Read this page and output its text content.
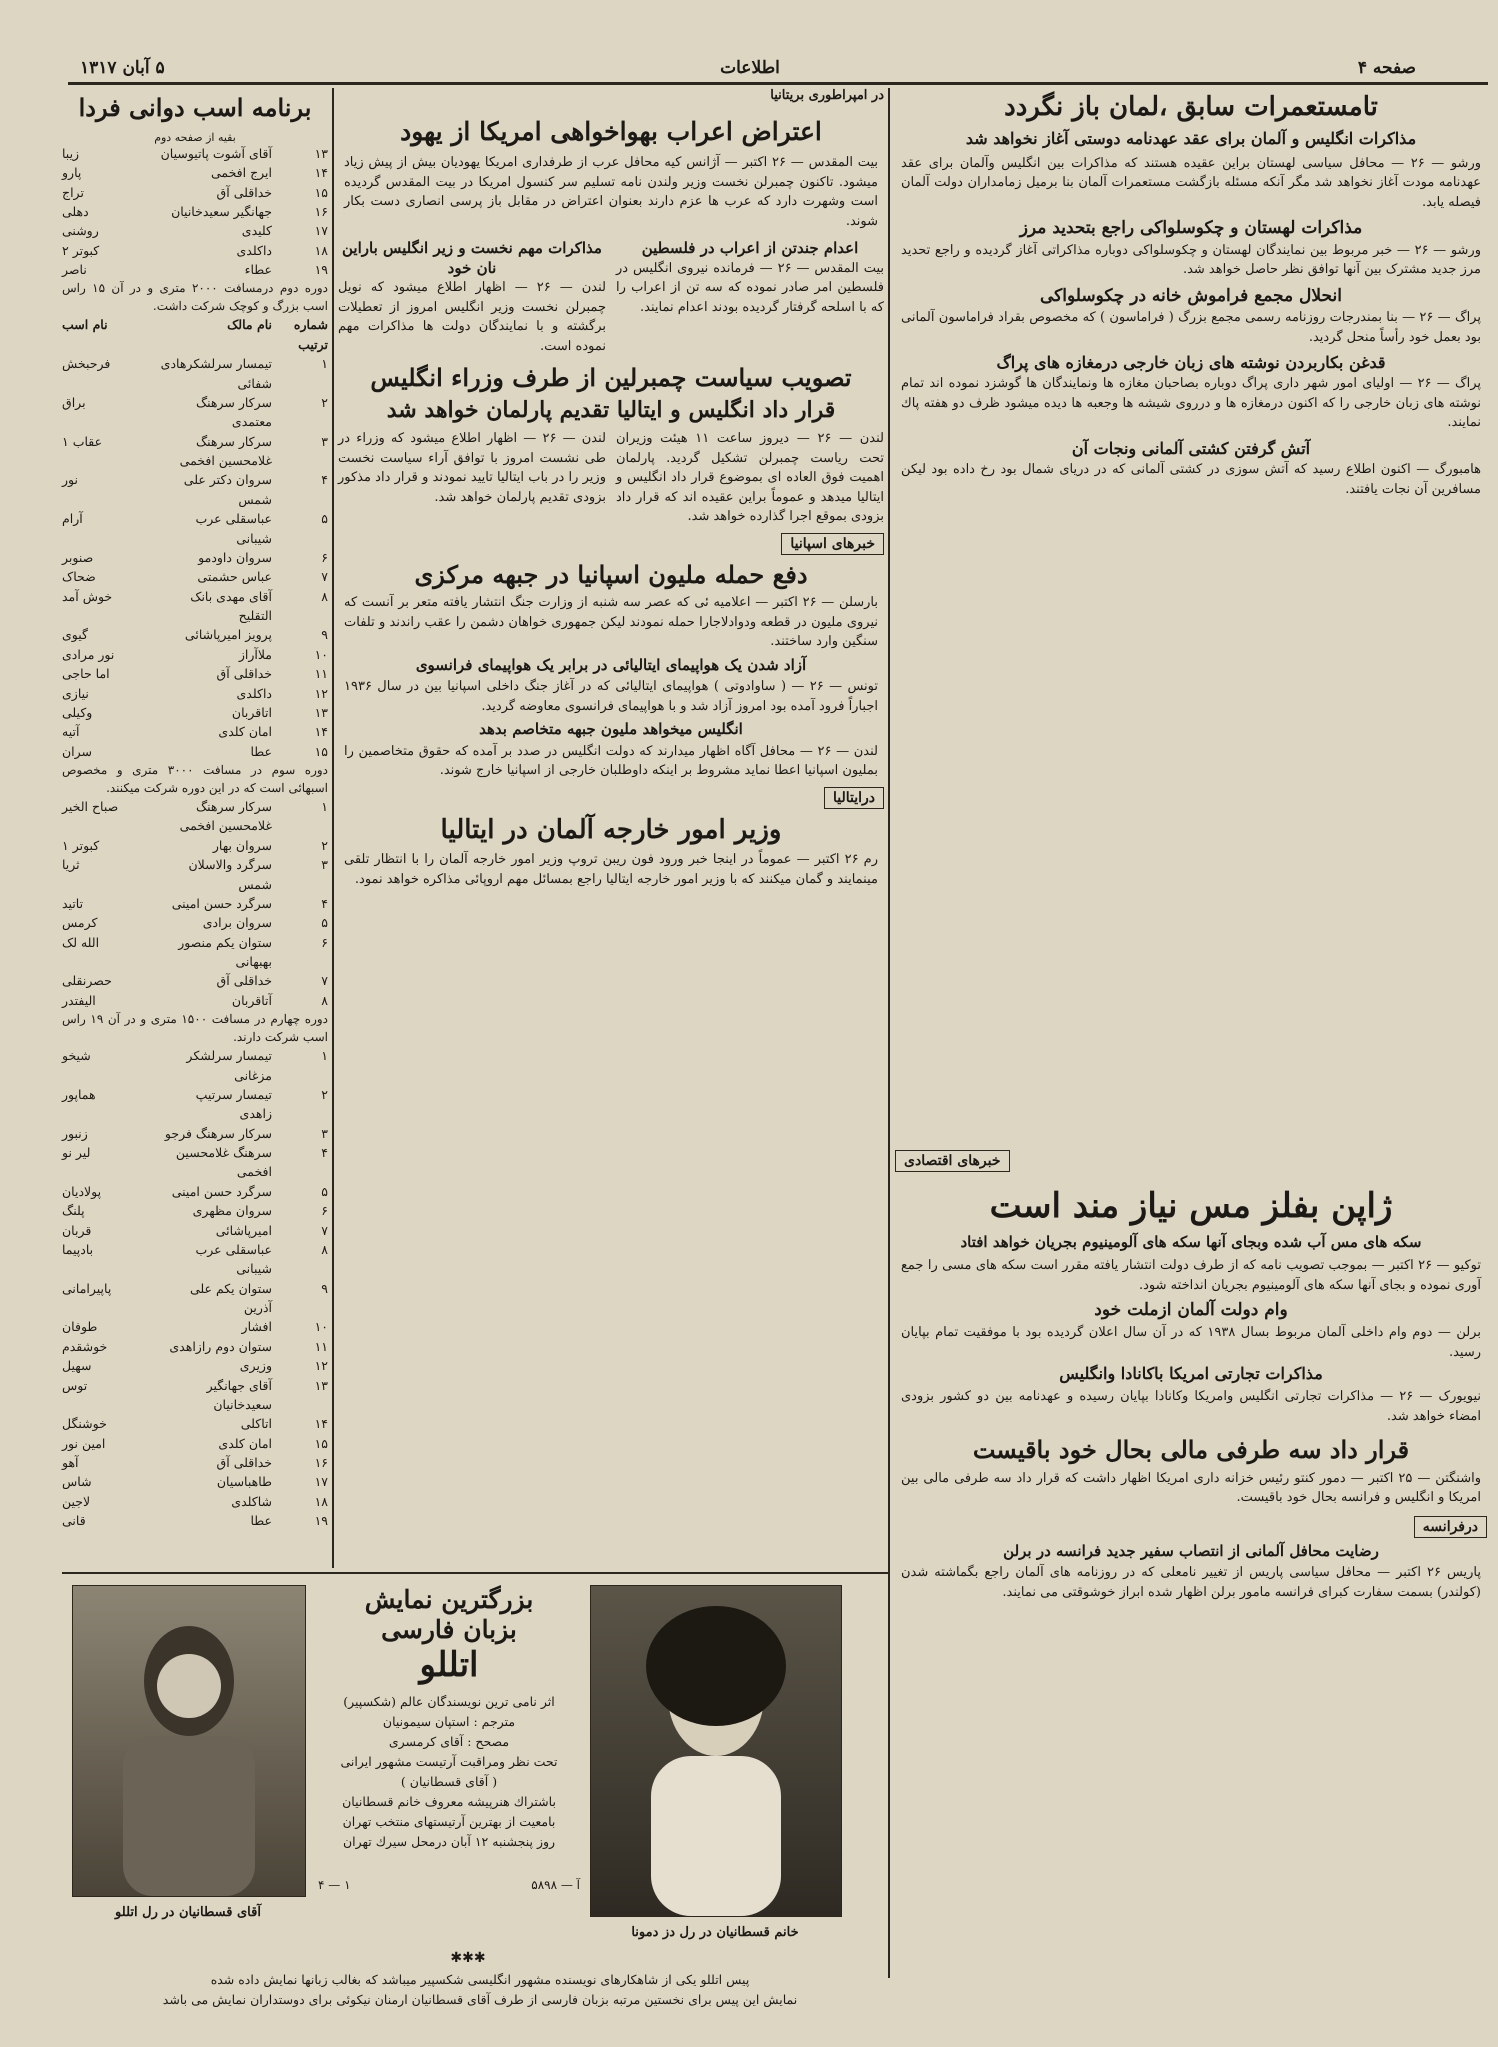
صفحه ۴
اطلاعات
۵ آبان ۱۳۱۷
تامستعمرات سابق ،لمان باز نگردد
مذاکرات انگلیس و آلمان برای عقد عهدنامه دوستی آغاز نخواهد شد
ورشو — ۲۶ — محافل سیاسی لهستان براین عقیده هستند که مذاکرات بین انگلیس وآلمان برای عقد عهدنامه مودت آغاز نخواهد شد مگر آنکه مسئله بازگشت مستعمرات آلمان بنا برمیل زمامداران دولت آلمان فیصله یابد.
مذاکرات لهستان و چکوسلواکی راجع بتحدید مرز
ورشو — ۲۶ — خبر مربوط بین نمایندگان لهستان و چکوسلواکی دوباره مذاکراتی آغاز گردیده و راجع تحدید مرز جدید مشترک بین آنها توافق نظر حاصل خواهد شد.
انحلال مجمع فراموش خانه در چکوسلواکی
پراگ — ۲۶ — بنا بمندرجات روزنامه رسمی مجمع بزرگ ( فراماسون ) که مخصوص بقراد فراماسون آلمانی بود بعمل خود رأساً منحل گردید.
قدغن بکاربردن نوشته های زبان خارجی درمغازه های پراگ
پراگ — ۲۶ — اولیای امور شهر داری پراگ دوباره بصاحبان مغازه ها ونمایندگان ها گوشزد نموده اند تمام نوشته های زبان خارجی را که اکنون درمغازه ها و درروی شیشه ها وجعبه ها دیده میشود ظرف دو هفته پاك نمایند.
آتش گرفتن کشتی آلمانی ونجات آن
هامبورگ — اکنون اطلاع رسید که آتش سوزی در کشتی آلمانی که در دریای شمال بود رخ داده بود لیکن مسافرین آن نجات یافتند.
خبرهای اقتصادی
ژاپن بفلز مس نیاز مند است
سکه های مس آب شده وبجای آنها سکه های آلومینیوم بجریان خواهد افتاد
توکیو — ۲۶ اکتبر — بموجب تصویب نامه که از طرف دولت انتشار یافته مقرر است سکه های مسی را جمع آوری نموده و بجای آنها سکه های آلومینیوم بجریان انداخته شود.
وام دولت آلمان ازملت خود
برلن — دوم وام داخلی آلمان مربوط بسال ۱۹۳۸ که در آن سال اعلان گردیده بود با موفقیت تمام بپایان رسید.
مذاکرات تجارتی امریکا باکانادا وانگلیس
نیویورک — ۲۶ — مذاکرات تجارتی انگلیس وامریکا وکانادا بپایان رسیده و عهدنامه بین دو کشور بزودی امضاء خواهد شد.
قرار داد سه طرفی مالی بحال خود باقیست
واشنگتن — ۲۵ اکتبر — دمور کنتو رئیس خزانه داری امریکا اظهار داشت که قرار داد سه طرفی مالی بین امریکا و انگلیس و فرانسه بحال خود باقیست.
درفرانسه
رضایت محافل آلمانی از انتصاب سفیر جدید فرانسه در برلن
پاریس ۲۶ اکتبر — محافل سیاسی پاریس از تغییر نامعلی که در روزنامه های آلمان راجع بگماشته شدن (کولندر) بسمت سفارت کبرای فرانسه مامور برلن اظهار شده ابراز خوشوقتی می نمایند.
در امپراطوری بریتانیا
اعتراض اعراب بهواخواهی امریکا از یهود
بیت المقدس — ۲۶ اکتبر — آژانس کیه محافل عرب از طرفداری امریکا یهودیان بیش از پیش زیاد میشود. تاکنون چمبرلن نخست وزیر ولندن نامه تسلیم سر کنسول امریکا در بیت المقدس گردیده است وشهرت دارد که عرب ها عزم دارند بعنوان اعتراض در مقابل باز پرسی انصاری دست بکار شوند.
اعدام جندتن از اعراب در فلسطین
بیت المقدس — ۲۶ — فرمانده نیروی انگلیس در فلسطین امر صادر نموده که سه تن از اعراب را که با اسلحه گرفتار گردیده بودند اعدام نمایند.
مذاکرات مهم نخست و زیر انگلیس باراین نان خود
لندن — ۲۶ — اظهار اطلاع میشود که نویل چمبرلن نخست وزیر انگلیس امروز از تعطیلات برگشته و با نمایندگان دولت ها مذاکرات مهم نموده است.
تصویب سیاست چمبرلین از طرف وزراء انگلیس
قرار داد انگلیس و ایتالیا تقدیم پارلمان خواهد شد
لندن — ۲۶ — دیروز ساعت ۱۱ هیئت وزیران تحت ریاست چمبرلن تشکیل گردید. پارلمان اهمیت فوق العاده ای بموضوع قرار داد انگلیس و ایتالیا میدهد و عموماً براین عقیده اند که قرار داد بزودی بموقع اجرا گذارده خواهد شد.
لندن — ۲۶ — اظهار اطلاع میشود که وزراء در طی نشست امروز با توافق آراء سیاست نخست وزیر را در باب ایتالیا تایید نمودند و قرار داد مذکور بزودی تقدیم پارلمان خواهد شد.
خبرهای اسپانیا
دفع حمله ملیون اسپانیا در جبهه مرکزی
بارسلن — ۲۶ اکتبر — اعلامیه ئی که عصر سه شنبه از وزارت جنگ انتشار یافته متعر بر آنست که نیروی ملیون در قطعه ودوادلاجارا حمله نمودند لیکن جمهوری خواهان دشمن را عقب راندند و تلفات سنگین وارد ساختند.
آزاد شدن یک هواپیمای ایتالیائی در برابر یک هواپیمای فرانسوی
تونس — ۲۶ — ( ساوادوتی ) هواپیمای ایتالیائی که در آغاز جنگ داخلی اسپانیا بین در سال ۱۹۳۶ اجباراً فرود آمده بود امروز آزاد شد و با هواپیمای فرانسوی معاوضه گردید.
انگلیس میخواهد ملیون جبهه متخاصم بدهد
لندن — ۲۶ — محافل آگاه اظهار میدارند که دولت انگلیس در صدد بر آمده که حقوق متخاصمین را بملیون اسپانیا اعطا نماید مشروط بر اینکه داوطلبان خارجی از اسپانیا خارج شوند.
درایتالیا
وزیر امور خارجه آلمان در ایتالیا
رم ۲۶ اکتبر — عموماً در اینجا خبر ورود فون ریبن تروپ وزیر امور خارجه آلمان را با انتظار تلقی مینمایند و گمان میکنند که با وزیر امور خارجه ایتالیا راجع بمسائل مهم اروپائی مذاکره خواهد نمود.
برنامه اسب دوانی فردا
بقیه از صفحه دوم
۱۳
آقای آشوت پاتیوسیان
زیبا
۱۴
ایرج افخمی
پارو
۱۵
خداقلی آق
تراج
۱۶
جهانگیر سعیدخانیان
دهلی
۱۷
کلیدی
روشنی
۱۸
داکلدی
کبوتر ۲
۱۹
عطاء
ناصر
دوره دوم درمسافت ۲۰۰۰ متری و در آن ۱۵ راس اسب بزرگ و کوچک شرکت داشت.
شماره ترتیب
نام مالک
نام اسب
۱
تیمسار سرلشکرهادی شفائی
فرحبخش
۲
سرکار سرهنگ معتمدی
براق
۳
سرکار سرهنگ غلامحسین افخمی
عقاب ۱
۴
سروان دکتر علی شمس
نور
۵
عباسقلی عرب شیبانی
آرام
۶
سروان داودمو
صنوبر
۷
عباس حشمتی
ضحاک
۸
آقای مهدی بانک التقلیح
خوش آمد
۹
پرویز امیرپاشائی
گیوی
۱۰
ملاآراز
نور مرادی
۱۱
خداقلی آق
اما حاجی
۱۲
داکلدی
نیازی
۱۳
اتاقربان
وکیلی
۱۴
امان کلدی
آتیه
۱۵
عطا
سران
دوره سوم در مسافت ۳۰۰۰ متری و مخصوص اسبهائی است که در این دوره شرکت میکنند.
۱
سرکار سرهنگ غلامحسین افخمی
صباح الخیر
۲
سروان بهار
کبوتر ۱
۳
سرگرد والاسلان شمس
ثریا
۴
سرگرد حسن امینی
تاتید
۵
سروان برادی
کرمس
۶
ستوان یکم منصور بهبهانی
الله لک
۷
خداقلی آق
حصرنقلی
۸
آتاقربان
الیفتدر
دوره چهارم در مسافت ۱۵۰۰ متری و در آن ۱۹ راس اسب شرکت دارند.
۱
تیمسار سرلشکر مزغانی
شیخو
۲
تیمسار سرتیپ زاهدی
هماپور
۳
سرکار سرهنگ فرجو
زنبور
۴
سرهنگ غلامحسین افخمی
لیر نو
۵
سرگرد حسن امینی
پولادیان
۶
سروان مظهری
پلنگ
۷
امیرپاشائی
قربان
۸
عباسقلی عرب شیبانی
بادپیما
۹
ستوان یکم علی آذرین
پاپیرامانی
۱۰
افشار
طوفان
۱۱
ستوان دوم رازاهدی
خوشقدم
۱۲
وزیری
سهیل
۱۳
آقای جهانگیر سعیدخانیان
توس
۱۴
اتاکلی
خوشنگل
۱۵
امان کلدی
امین نور
۱۶
خداقلی آق
آهو
۱۷
طاهباسیان
شاس
۱۸
شاکلدی
لاجین
۱۹
عطا
قانی
خانم قسطانیان در رل دز دمونا
آقای قسطانیان در رل اتللو
بزرگترین نمایش
بزبان فارسی
اتللو
اثر نامی ترین نویسندگان عالم (شکسپیر)
مترجم : استپان سیمونیان
مصحح : آقای کرمسری
تحت نظر ومراقبت آرتیست مشهور ایرانی
( آقای قسطانیان )
باشتراك هنرپیشه معروف خانم قسطانیان
بامعیت از بهترین آرتیستهای منتخب تهران
روز پنجشنبه ۱۲ آبان درمحل سیرك تهران
آ — ۵۸۹۸
۱ — ۴
✱✱✱
پیس اتللو یکی از شاهکارهای نویسنده مشهور انگلیسی شکسپیر میباشد که بغالب زبانها نمایش داده شده
نمایش این پیس برای نخستین مرتبه بزبان فارسی از طرف آقای قسطانیان ارمنان نیکوئی برای دوستداران نمایش می باشد
